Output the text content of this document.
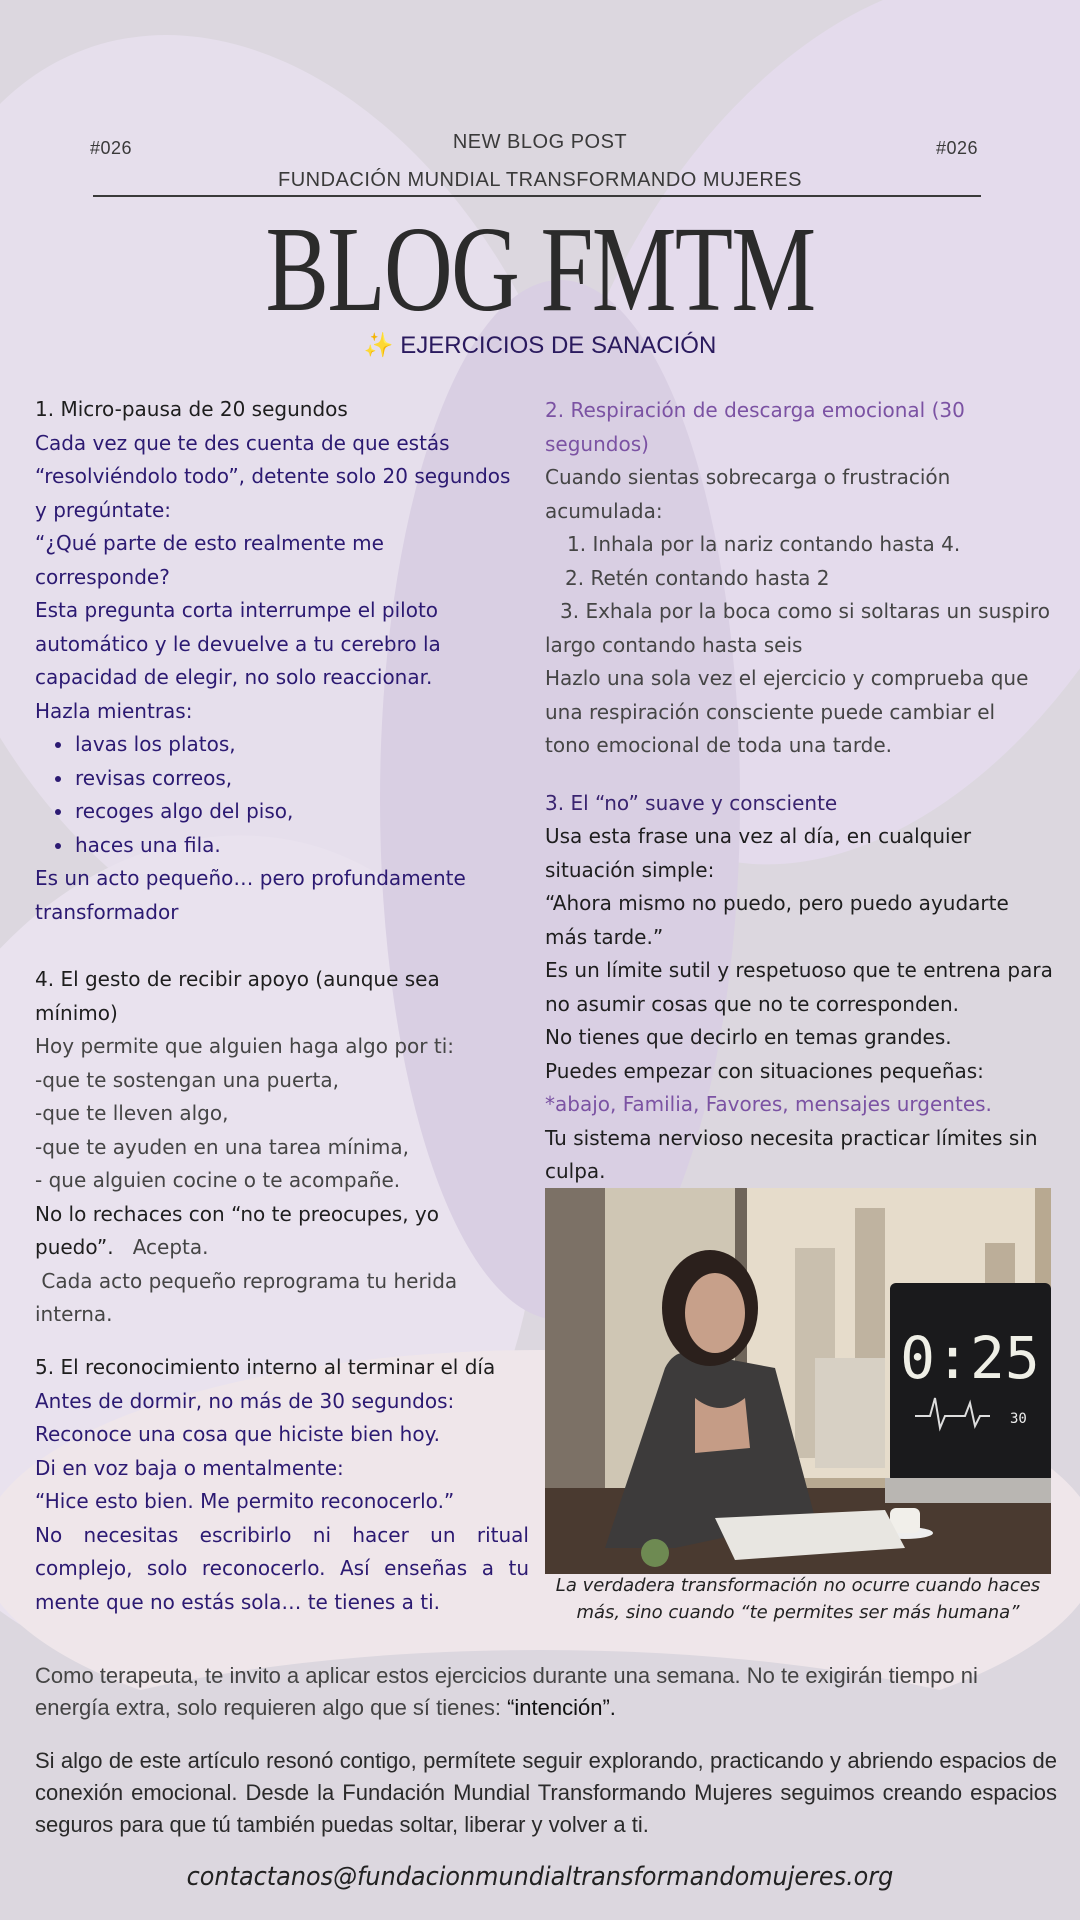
#026	#026
NEW BLOG POST
FUNDACIÓN MUNDIAL TRANSFORMANDO MUJERES
BLOG FMTM
✨ EJERCICIOS DE SANACIÓN

1. Micro-pausa de 20 segundos

Cada vez que te des cuenta de que estás “resolviéndolo todo”, detente solo 20 segundos y pregúntate:

“¿Qué parte de esto realmente me corresponde?

Esta pregunta corta interrumpe el piloto automático y le devuelve a tu cerebro la capacidad de elegir, no solo reaccionar.

Hazla mientras:

lavas los platos,
revisas correos,
recoges algo del piso,
haces una fila.

Es un acto pequeño… pero profundamente transformador

4. El gesto de recibir apoyo (aunque sea mínimo)

Hoy permite que alguien haga algo por ti:

-que te sostengan una puerta,

-que te lleven algo,

-que te ayuden en una tarea mínima,

- que alguien cocine o te acompañe.

No lo rechaces con “no te preocupes, yo puedo”.   Acepta.

Cada acto pequeño reprograma tu herida interna.

5. El reconocimiento interno al terminar el día

Antes de dormir, no más de 30 segundos:

Reconoce una cosa que hiciste bien hoy.

Di en voz baja o mentalmente:

“Hice esto bien. Me permito reconocerlo.”

No necesitas escribirlo ni hacer un ritual complejo, solo reconocerlo. Así enseñas a tu mente que no estás sola… te tienes a ti.

2. Respiración de descarga emocional (30 segundos)

Cuando sientas sobrecarga o frustración acumulada:

1. Inhala por la nariz contando hasta 4.

2. Retén contando hasta 2

3. Exhala por la boca como si soltaras un suspiro

largo contando hasta seis

Hazlo una sola vez el ejercicio y comprueba que una respiración consciente puede cambiar el tono emocional de toda una tarde.

3. El “no” suave y consciente

Usa esta frase una vez al día, en cualquier situación simple:

“Ahora mismo no puedo, pero puedo ayudarte más tarde.”

Es un límite sutil y respetuoso que te entrena para no asumir cosas que no te corresponden.

No tienes que decirlo en temas grandes.

Puedes empezar con situaciones pequeñas:

*abajo, Familia, Favores, mensajes urgentes.

Tu sistema nervioso necesita practicar límites sin culpa.

0:25
30
La verdadera transformación no ocurre cuando haces más, sino cuando “te permites ser más humana”
Como terapeuta, te invito a aplicar estos ejercicios durante una semana. No te exigirán tiempo ni energía extra, solo requieren algo que sí tienes: “intención”.
Si algo de este artículo resonó contigo, permítete seguir explorando, practicando y abriendo espacios de conexión emocional. Desde la Fundación Mundial Transformando Mujeres seguimos creando espacios seguros para que tú también puedas soltar, liberar y volver a ti.
contactanos@fundacionmundialtransformandomujeres.org
